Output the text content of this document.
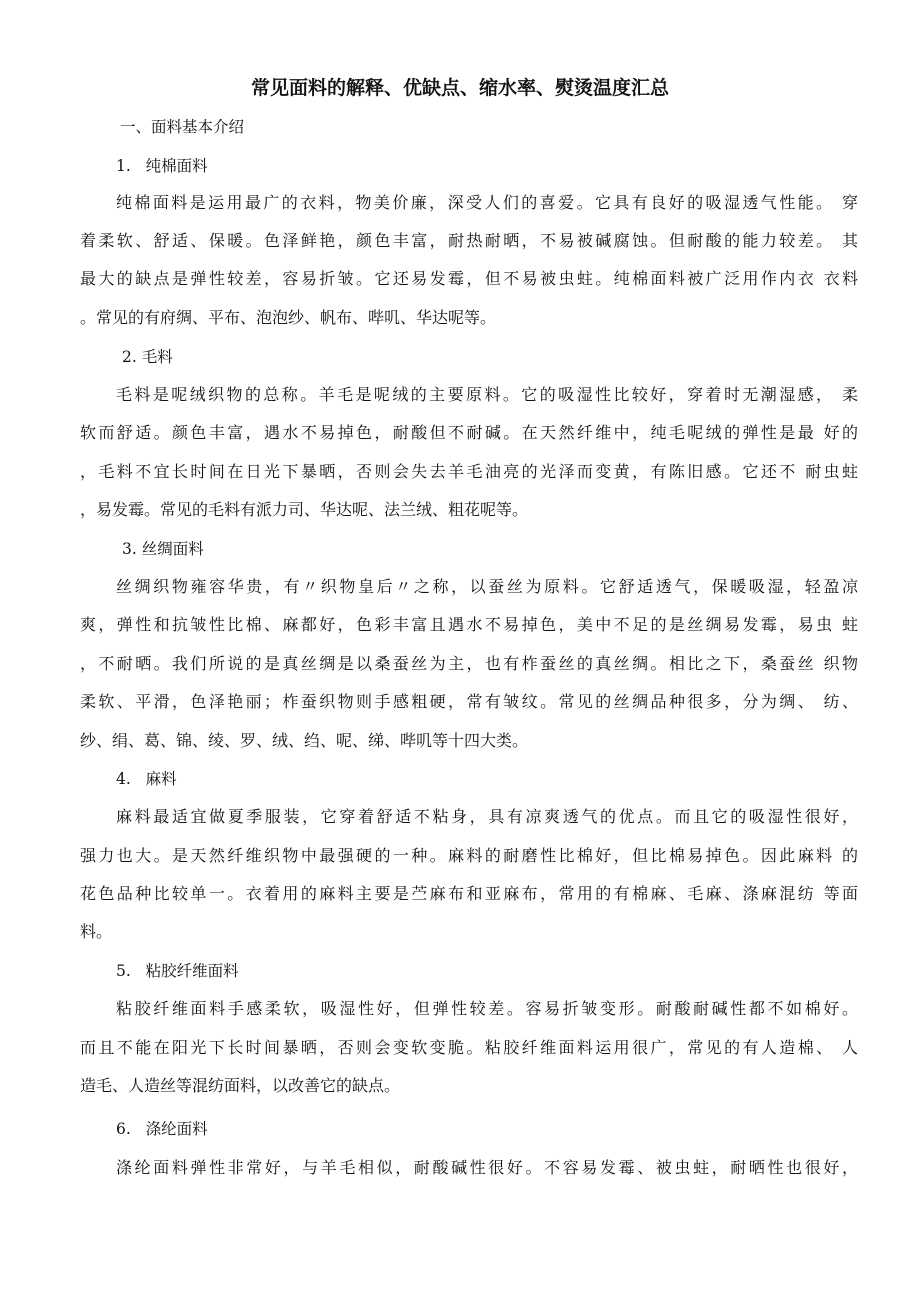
常见面料的解释、优缺点、缩水率、熨烫温度汇总
一、面料基本介绍
1.   纯棉面料
纯棉面料是运用最广的衣料，物美价廉，深受人们的喜爱。它具有良好的吸湿透气性能。 穿
着柔软、舒适、保暖。色泽鲜艳，颜色丰富，耐热耐晒，不易被碱腐蚀。但耐酸的能力较差。 其
最大的缺点是弹性较差，容易折皱。它还易发霉，但不易被虫蛀。纯棉面料被广泛用作内衣 衣料
。常见的有府绸、平布、泡泡纱、帆布、哔叽、华达呢等。
2. 毛料
毛料是呢绒织物的总称。羊毛是呢绒的主要原料。它的吸湿性比较好，穿着时无潮湿感， 柔
软而舒适。颜色丰富，遇水不易掉色，耐酸但不耐碱。在天然纤维中，纯毛呢绒的弹性是最 好的
，毛料不宜长时间在日光下暴晒，否则会失去羊毛油亮的光泽而变黄，有陈旧感。它还不 耐虫蛀
，易发霉。常见的毛料有派力司、华达呢、法兰绒、粗花呢等。
3. 丝绸面料
丝绸织物雍容华贵，有〃织物皇后〃之称，以蚕丝为原料。它舒适透气，保暖吸湿，轻盈凉
爽，弹性和抗皱性比棉、麻都好，色彩丰富且遇水不易掉色，美中不足的是丝绸易发霉，易虫 蛀
，不耐晒。我们所说的是真丝绸是以桑蚕丝为主，也有柞蚕丝的真丝绸。相比之下，桑蚕丝 织物
柔软、平滑，色泽艳丽；柞蚕织物则手感粗硬，常有皱纹。常见的丝绸品种很多，分为绸、 纺、
纱、绢、葛、锦、绫、罗、绒、绉、呢、绨、哔叽等十四大类。
4.   麻料
麻料最适宜做夏季服装，它穿着舒适不粘身，具有凉爽透气的优点。而且它的吸湿性很好，
强力也大。是天然纤维织物中最强硬的一种。麻料的耐磨性比棉好，但比棉易掉色。因此麻料 的
花色品种比较单一。衣着用的麻料主要是苎麻布和亚麻布，常用的有棉麻、毛麻、涤麻混纺 等面
料。
5.   粘胶纤维面料
粘胶纤维面料手感柔软，吸湿性好，但弹性较差。容易折皱变形。耐酸耐碱性都不如棉好。
而且不能在阳光下长时间暴晒，否则会变软变脆。粘胶纤维面料运用很广，常见的有人造棉、 人
造毛、人造丝等混纺面料，以改善它的缺点。
6.   涤纶面料
涤纶面料弹性非常好，与羊毛相似，耐酸碱性很好。不容易发霉、被虫蛀，耐晒性也很好，
